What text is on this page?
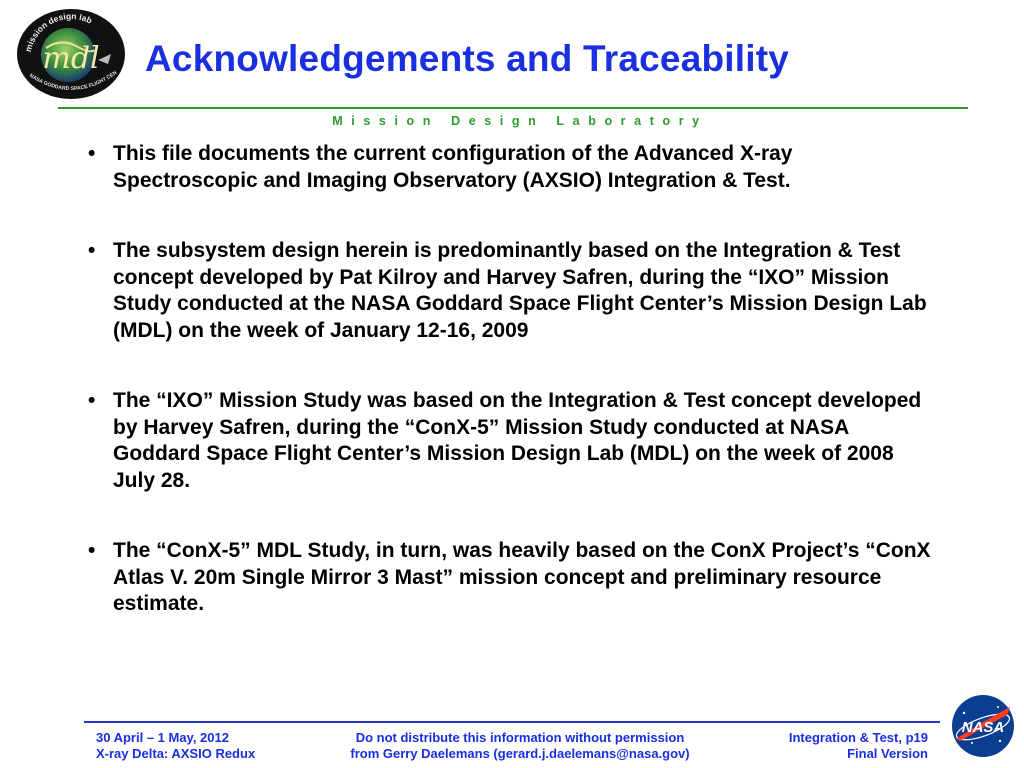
mdl
mission design lab
NASA GODDARD SPACE FLIGHT CEN Acknowledgements and Traceability
Mission Design Laboratory
• This file documents the current configuration of the Advanced X-ray Spectroscopic and Imaging Observatory (AXSIO) Integration & Test.
• The subsystem design herein is predominantly based on the Integration & Test concept developed by Pat Kilroy and Harvey Safren, during the “IXO” Mission Study conducted at the NASA Goddard Space Flight Center’s Mission Design Lab (MDL) on the week of January 12-16, 2009
• The “IXO” Mission Study was based on the Integration & Test concept developed by Harvey Safren, during the “ConX-5” Mission Study conducted at NASA Goddard Space Flight Center’s Mission Design Lab (MDL) on the week of 2008 July 28.
• The “ConX-5” MDL Study, in turn, was heavily based on the ConX Project’s “ConX Atlas V. 20m Single Mirror 3 Mast” mission concept and preliminary resource estimate.
30 April – 1 May, 2012
X-ray Delta: AXSIO Redux
Do not distribute this information without permission
from Gerry Daelemans (gerard.j.daelemans@nasa.gov)
Integration & Test, p19
Final Version
NASA
